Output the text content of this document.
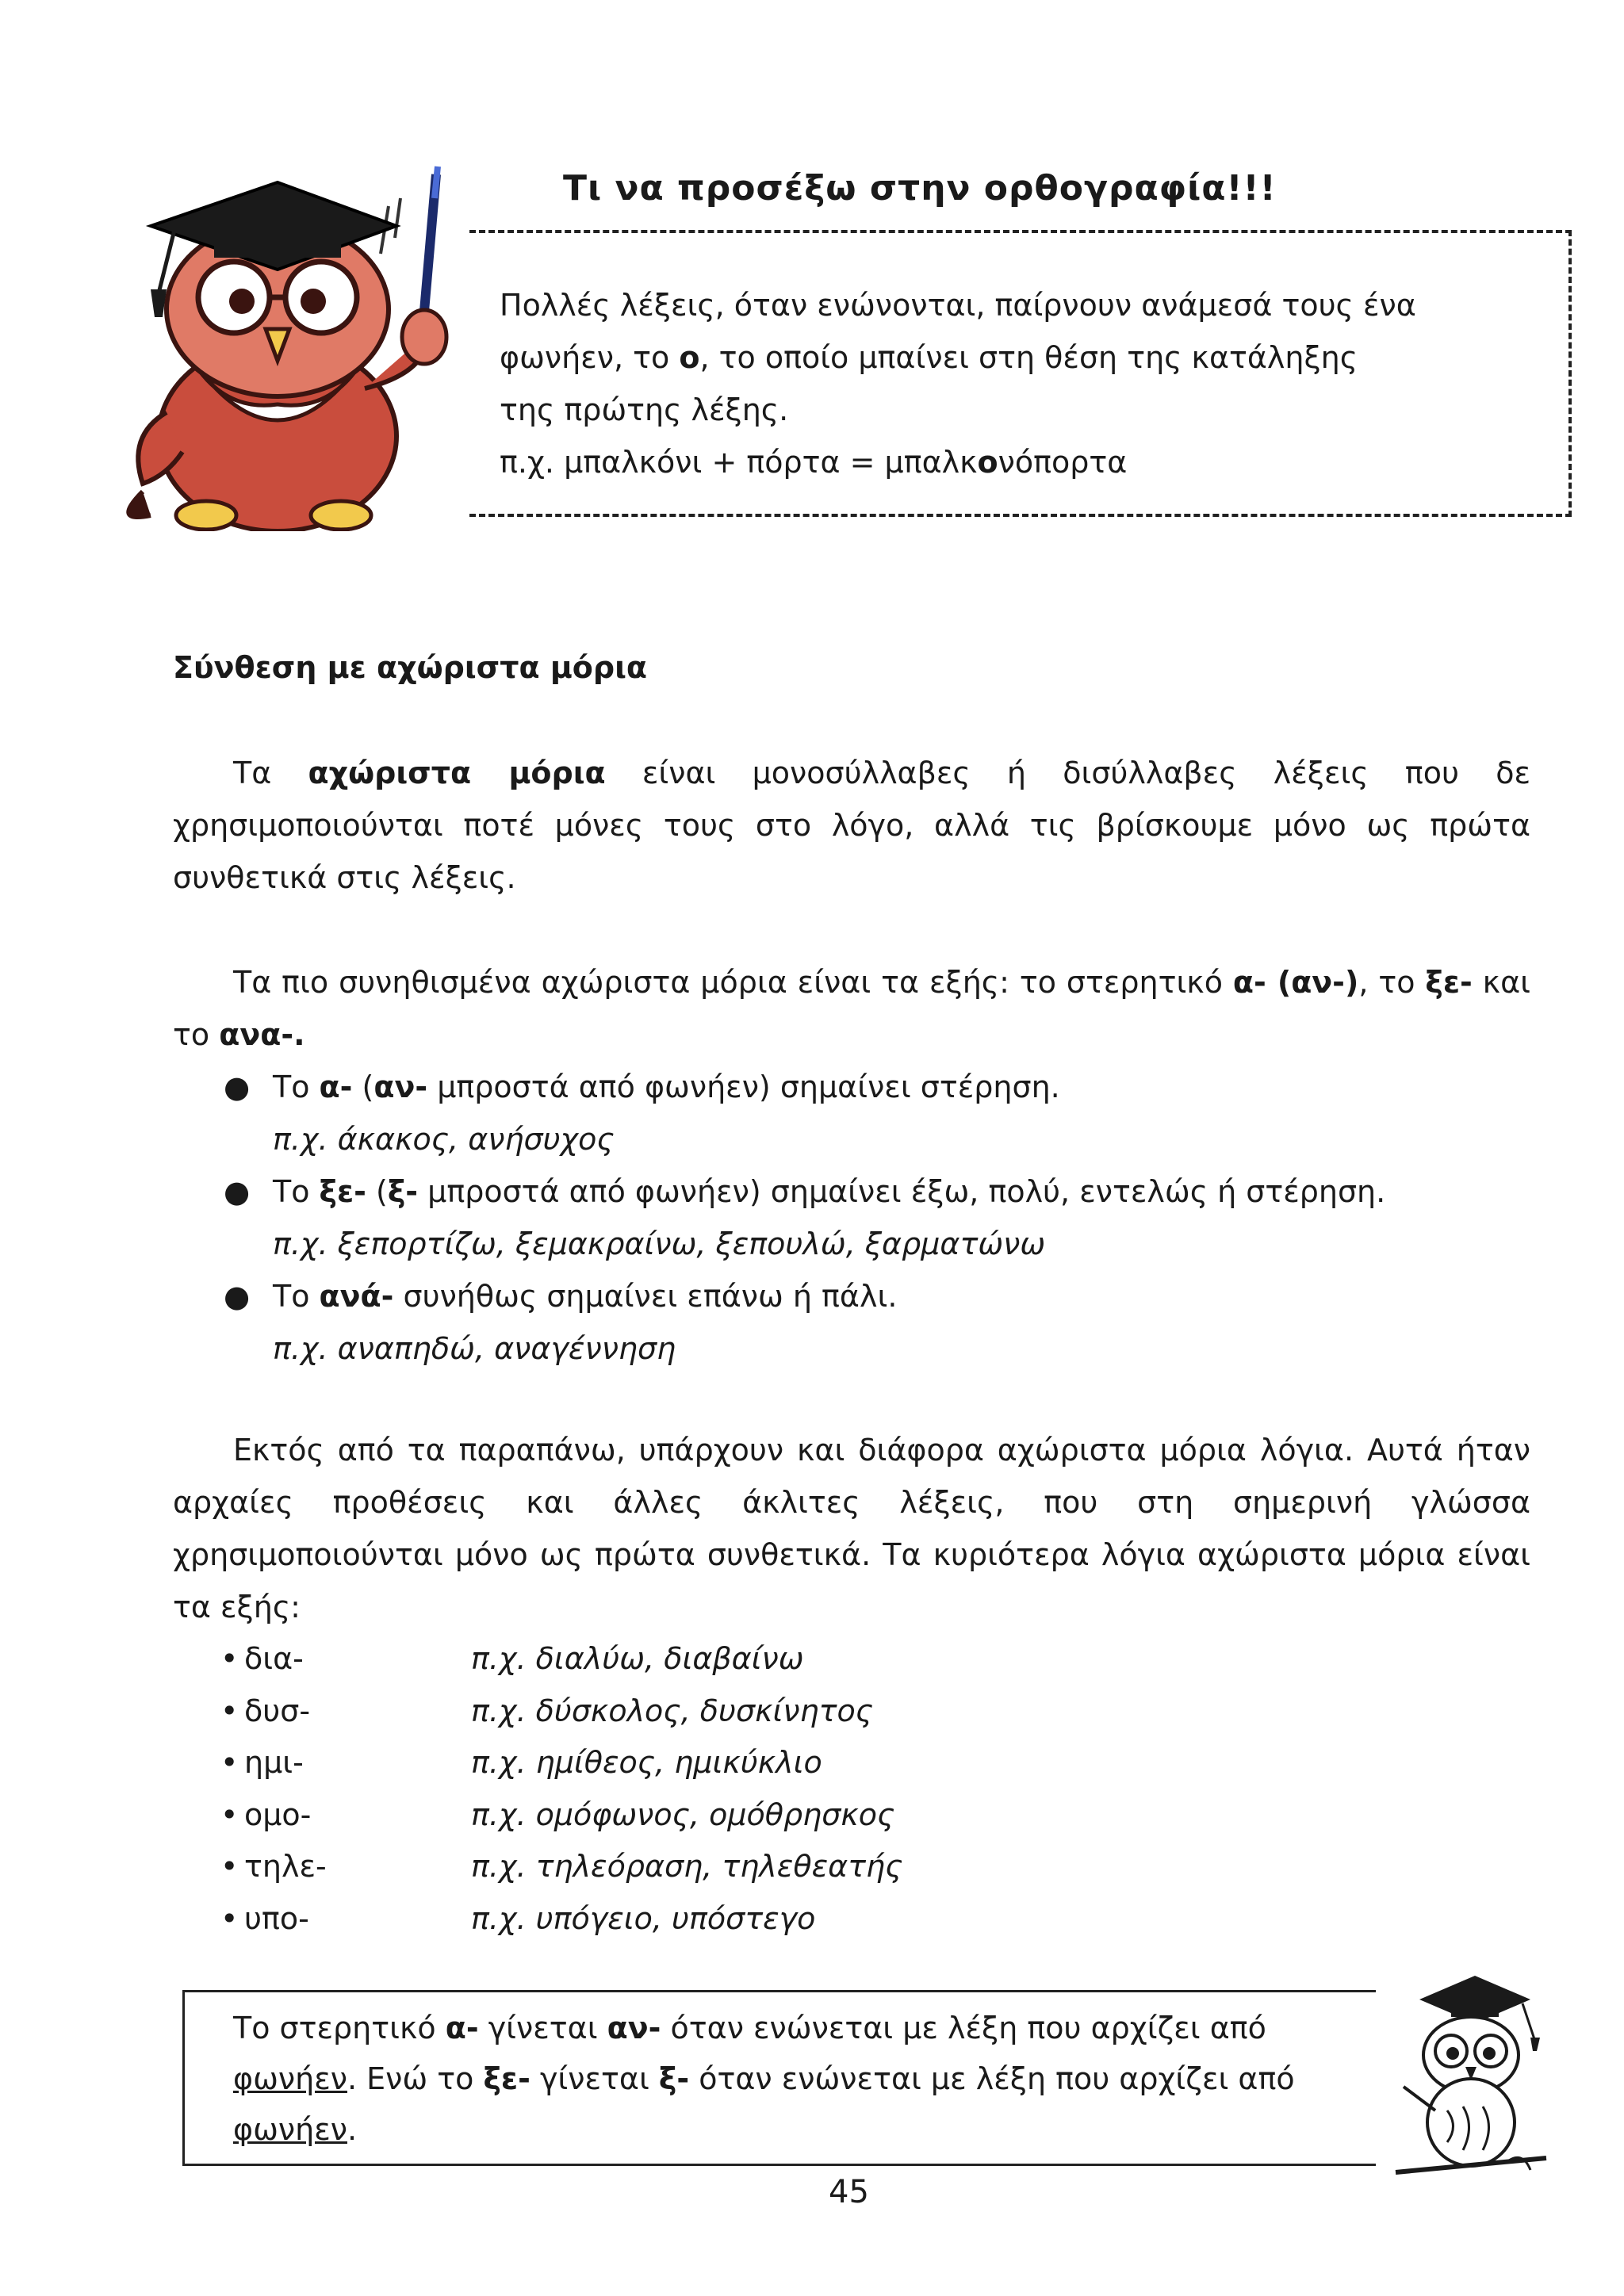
Τι να προσέξω στην ορθογραφία!!!
Πολλές λέξεις, όταν ενώνονται, παίρνουν ανάμεσά τους ένα
φωνήεν, το ο, το οποίο μπαίνει στη θέση της κατάληξης
της πρώτης λέξης.
π.χ. μπαλκόνι + πόρτα = μπαλκονόπορτα
Σύνθεση με αχώριστα μόρια
Τα αχώριστα μόρια είναι μονοσύλλαβες ή δισύλλαβες λέξεις που δε χρησιμοποιούνται ποτέ μόνες τους στο λόγο, αλλά τις βρίσκουμε μόνο ως πρώτα συνθετικά στις λέξεις.
Τα πιο συνηθισμένα αχώριστα μόρια είναι τα εξής: το στερητικό α- (αν-), το ξε- και το ανα-.
● Το α- (αν- μπροστά από φωνήεν) σημαίνει στέρηση.
π.χ. άκακος, ανήσυχος
● Το ξε- (ξ- μπροστά από φωνήεν) σημαίνει έξω, πολύ, εντελώς ή στέρηση.
π.χ. ξεπορτίζω, ξεμακραίνω, ξεπουλώ, ξαρματώνω
● Το ανά- συνήθως σημαίνει επάνω ή πάλι.
π.χ. αναπηδώ, αναγέννηση
Εκτός από τα παραπάνω, υπάρχουν και διάφορα αχώριστα μόρια λόγια. Αυτά ήταν αρχαίες προθέσεις και άλλες άκλιτες λέξεις, που στη σημερινή γλώσσα χρησιμοποιούνται μόνο ως πρώτα συνθετικά. Τα κυριότερα λόγια αχώριστα μόρια είναι τα εξής:
• δια-	π.χ. διαλύω, διαβαίνω
• δυσ-	π.χ. δύσκολος, δυσκίνητος
• ημι-	π.χ. ημίθεος, ημικύκλιο
• ομο-	π.χ. ομόφωνος, ομόθρησκος
• τηλε-	π.χ. τηλεόραση, τηλεθεατής
• υπο-	π.χ. υπόγειο, υπόστεγο
Το στερητικό α- γίνεται αν- όταν ενώνεται με λέξη που αρχίζει από φωνήεν. Ενώ το ξε- γίνεται ξ- όταν ενώνεται με λέξη που αρχίζει από φωνήεν.
45
